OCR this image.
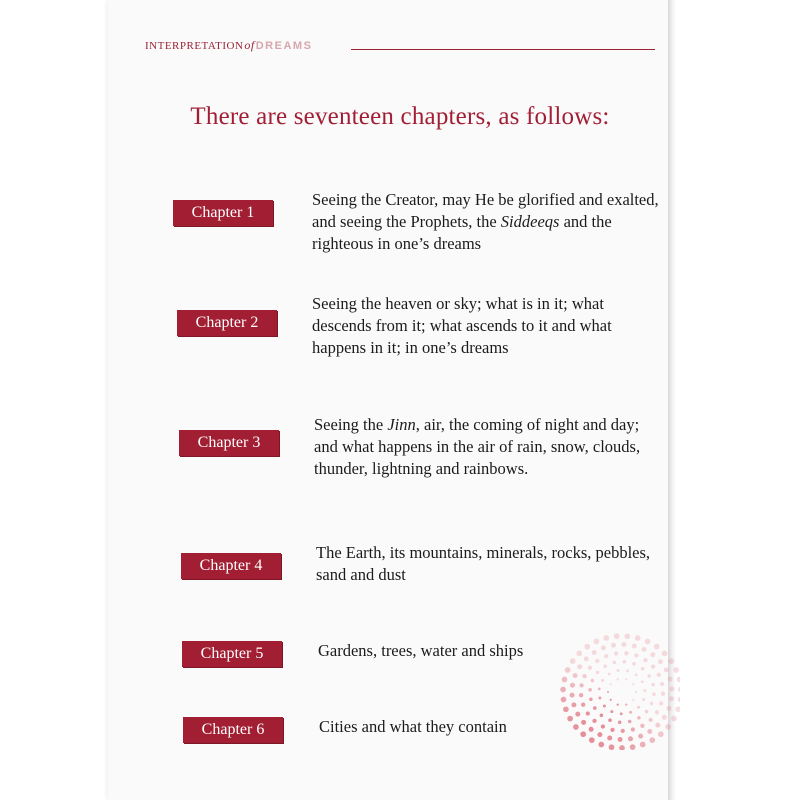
INTERPRETATIONofDREAMS
There are seventeen chapters, as follows:
Chapter 1
Seeing the Creator, may He be glorified and exalted, and seeing the Prophets, the Siddeeqs and the righteous in one’s dreams
Chapter 2
Seeing the heaven or sky; what is in it; what descends from it; what ascends to it and what happens in it; in one’s dreams
Chapter 3
Seeing the Jinn, air, the coming of night and day; and what happens in the air of rain, snow, clouds, thunder, lightning and rainbows.
Chapter 4
The Earth, its mountains, minerals, rocks, pebbles, sand and dust
Chapter 5	Gardens, trees, water and ships
Chapter 6	Cities and what they contain
